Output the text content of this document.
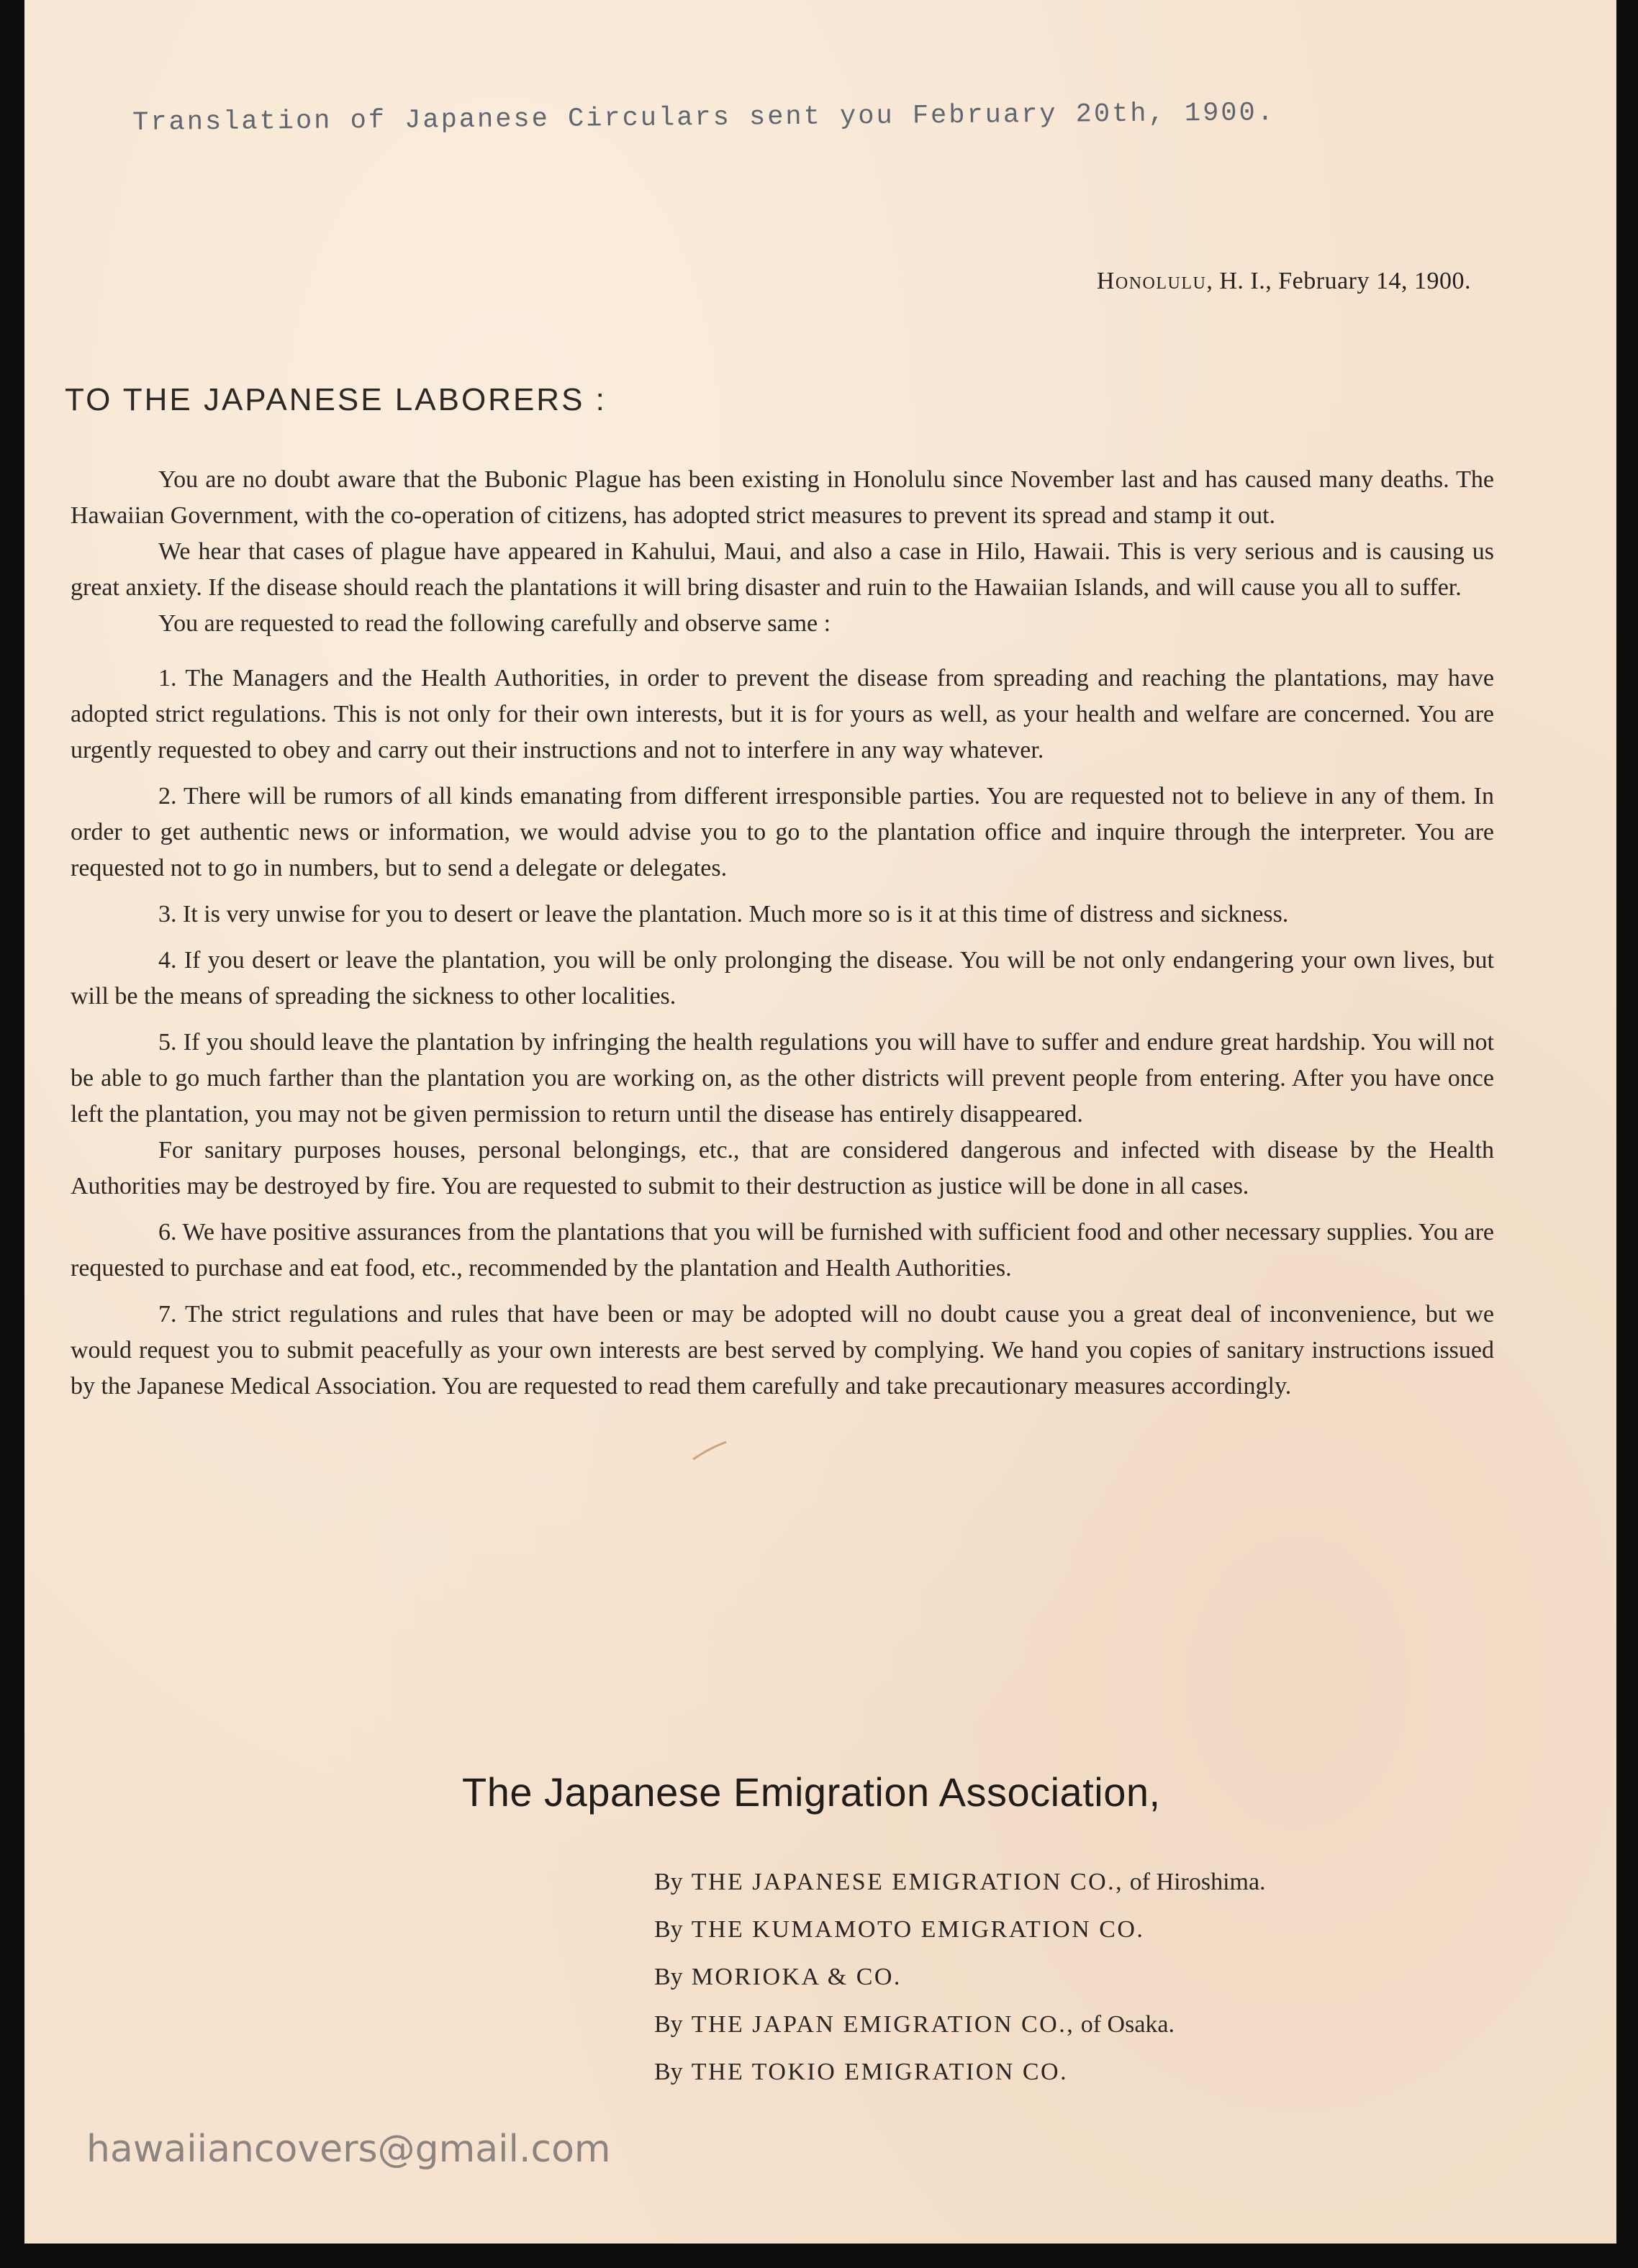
Translation of Japanese Circulars sent you February 20th, 1900.
Honolulu, H. I., February 14, 1900.
TO THE JAPANESE LABORERS :

You are no doubt aware that the Bubonic Plague has been existing in Honolulu since November last and has caused many deaths. The Hawaiian Government, with the co-operation of citizens, has adopted strict measures to prevent its spread and stamp it out.

We hear that cases of plague have appeared in Kahului, Maui, and also a case in Hilo, Hawaii. This is very serious and is causing us great anxiety. If the disease should reach the plantations it will bring disaster and ruin to the Hawaiian Islands, and will cause you all to suffer.

You are requested to read the following carefully and observe same :

1. The Managers and the Health Authorities, in order to prevent the disease from spreading and reaching the plantations, may have adopted strict regulations. This is not only for their own interests, but it is for yours as well, as your health and welfare are concerned. You are urgently requested to obey and carry out their instructions and not to interfere in any way whatever.

2. There will be rumors of all kinds emanating from different irresponsible parties. You are requested not to believe in any of them. In order to get authentic news or information, we would advise you to go to the plantation office and inquire through the interpreter. You are requested not to go in numbers, but to send a delegate or delegates.

3. It is very unwise for you to desert or leave the plantation. Much more so is it at this time of distress and sickness.

4. If you desert or leave the plantation, you will be only prolonging the disease. You will be not only endangering your own lives, but will be the means of spreading the sickness to other localities.

5. If you should leave the plantation by infringing the health regulations you will have to suffer and endure great hardship. You will not be able to go much farther than the plantation you are working on, as the other districts will prevent people from entering. After you have once left the plantation, you may not be given permission to return until the disease has entirely disappeared.

For sanitary purposes houses, personal belongings, etc., that are considered dangerous and infected with disease by the Health Authorities may be destroyed by fire. You are requested to submit to their destruction as justice will be done in all cases.

6. We have positive assurances from the plantations that you will be furnished with sufficient food and other necessary supplies. You are requested to purchase and eat food, etc., recommended by the plantation and Health Authorities.

7. The strict regulations and rules that have been or may be adopted will no doubt cause you a great deal of inconvenience, but we would request you to submit peacefully as your own interests are best served by complying. We hand you copies of sanitary instructions issued by the Japanese Medical Association. You are requested to read them carefully and take precautionary measures accordingly.

The Japanese Emigration Association,
By THE JAPANESE EMIGRATION CO., of Hiroshima.
By THE KUMAMOTO EMIGRATION CO.
By MORIOKA & CO.
By THE JAPAN EMIGRATION CO., of Osaka.
By THE TOKIO EMIGRATION CO.
hawaiiancovers@gmail.com
